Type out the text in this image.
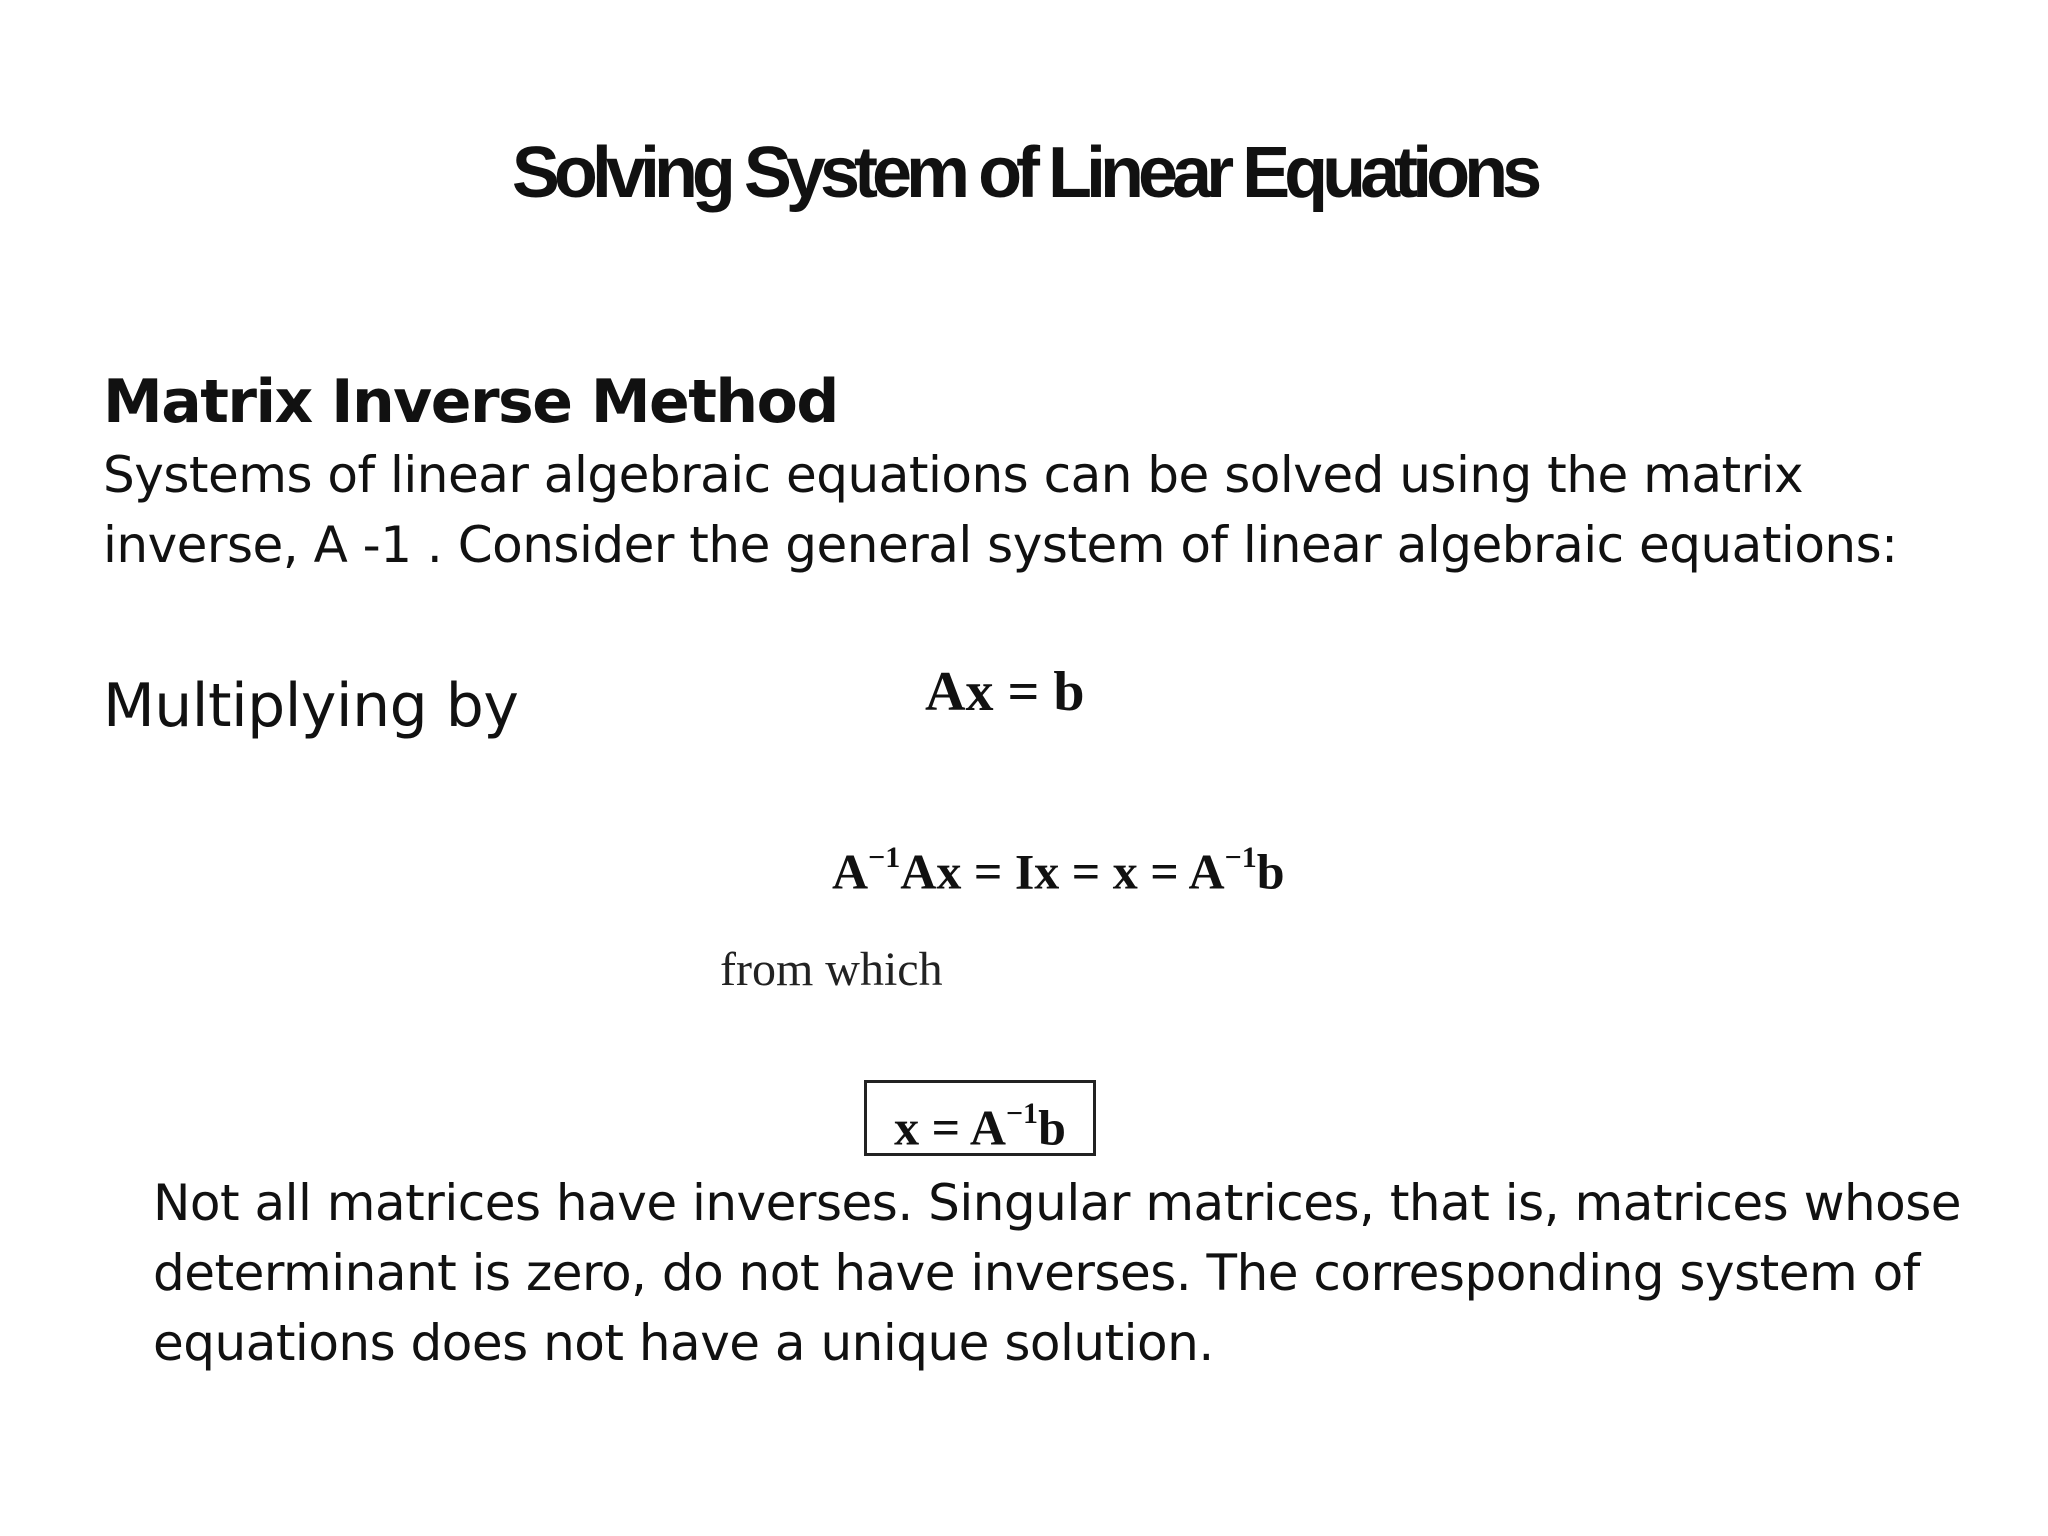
Solving System of Linear Equations
Matrix Inverse Method

Systems of linear algebraic equations can be solved using the matrix inverse, A -1 . Consider the general system of linear algebraic equations:

Multiplying by	Ax = b
$A^{-1}Ax = Ix = x = A^{-1}b$

from which

$x = A^{-1}b$

Not all matrices have inverses. Singular matrices, that is, matrices whose determinant is zero, do not have inverses. The corresponding system of equations does not have a unique solution.
